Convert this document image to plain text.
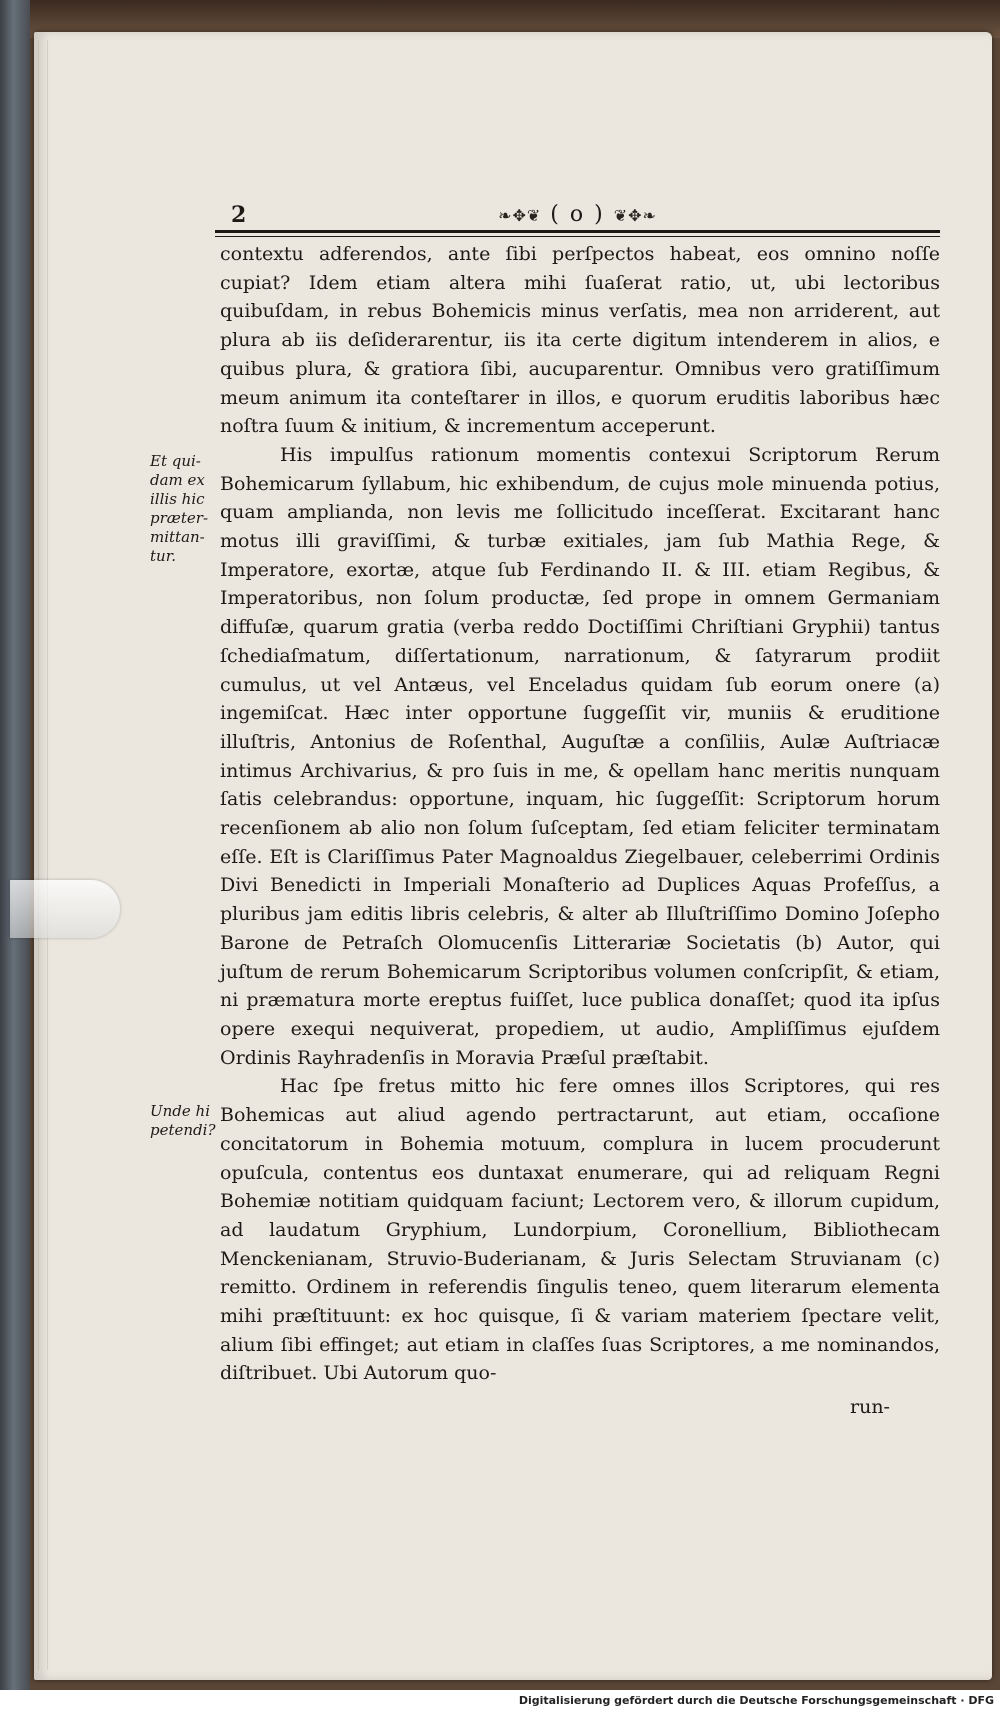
2	❧✥❦ ( o ) ❦✥❧
Et qui-dam ex illis hic præter-mittan-tur.
Unde hi petendi?

contextu adferendos, ante ſibi perſpectos habeat, eos omnino noſſe cupiat? Idem etiam altera mihi ſuaſerat ratio, ut, ubi lectoribus quibuſdam, in rebus Bohemicis minus verſatis, mea non arriderent, aut plura ab iis deſiderarentur, iis ita certe digitum intenderem in alios, e quibus plura, & gratiora ſibi, aucuparentur. Omnibus vero gratiſſimum meum animum ita conteſtarer in illos, e quorum eruditis laboribus hæc noſtra ſuum & initium, & incrementum acceperunt.

His impulſus rationum momentis contexui Scriptorum Rerum Bohemicarum ſyllabum, hic exhibendum, de cujus mole minuenda potius, quam amplianda, non levis me ſollicitudo inceſſerat. Excitarant hanc motus illi graviſſimi, & turbæ exitiales, jam ſub Mathia Rege, & Imperatore, exortæ, atque ſub Ferdinando II. & III. etiam Regibus, & Imperatoribus, non ſolum productæ, ſed prope in omnem Germaniam diffuſæ, quarum gratia (verba reddo Doctiſſimi Chriſtiani Gryphii) tantus ſchediaſmatum, diſſertationum, narrationum, & ſatyrarum prodiit cumulus, ut vel Antæus, vel Enceladus quidam ſub eorum onere (a) ingemiſcat. Hæc inter opportune ſuggeſſit vir, muniis & eruditione illuſtris, Antonius de Roſenthal, Auguſtæ a conſiliis, Aulæ Auſtriacæ intimus Archivarius, & pro ſuis in me, & opellam hanc meritis nunquam ſatis celebrandus: opportune, inquam, hic ſuggeſſit: Scriptorum horum recenſionem ab alio non ſolum ſuſceptam, ſed etiam feliciter terminatam eſſe. Eſt is Clariſſimus Pater Magnoaldus Ziegelbauer, celeberrimi Ordinis Divi Benedicti in Imperiali Monaſterio ad Duplices Aquas Profeſſus, a pluribus jam editis libris celebris, & alter ab Illuſtriſſimo Domino Joſepho Barone de Petraſch Olomucenſis Litterariæ Societatis (b) Autor, qui juſtum de rerum Bohemicarum Scriptoribus volumen conſcripſit, & etiam, ni præmatura morte ereptus fuiſſet, luce publica donaſſet; quod ita ipſus opere exequi nequiverat, propediem, ut audio, Ampliſſimus ejuſdem Ordinis Rayhradenſis in Moravia Præſul præſtabit.

Hac ſpe fretus mitto hic fere omnes illos Scriptores, qui res Bohemicas aut aliud agendo pertractarunt, aut etiam, occaſione concitatorum in Bohemia motuum, complura in lucem procuderunt opuſcula, contentus eos duntaxat enumerare, qui ad reliquam Regni Bohemiæ notitiam quidquam faciunt; Lectorem vero, & illorum cupidum, ad laudatum Gryphium, Lundorpium, Coronellium, Bibliothecam Menckenianam, Struvio-Buderianam, & Juris Selectam Struvianam (c) remitto. Ordinem in referendis ſingulis teneo, quem literarum elementa mihi præſtituunt: ex hoc quisque, ſi & variam materiem ſpectare velit, alium ſibi effinget; aut etiam in claſſes ſuas Scriptores, a me nominandos, diſtribuet. Ubi Autorum quo-

run-
Digitalisierung gefördert durch die Deutsche Forschungsgemeinschaft · DFG
